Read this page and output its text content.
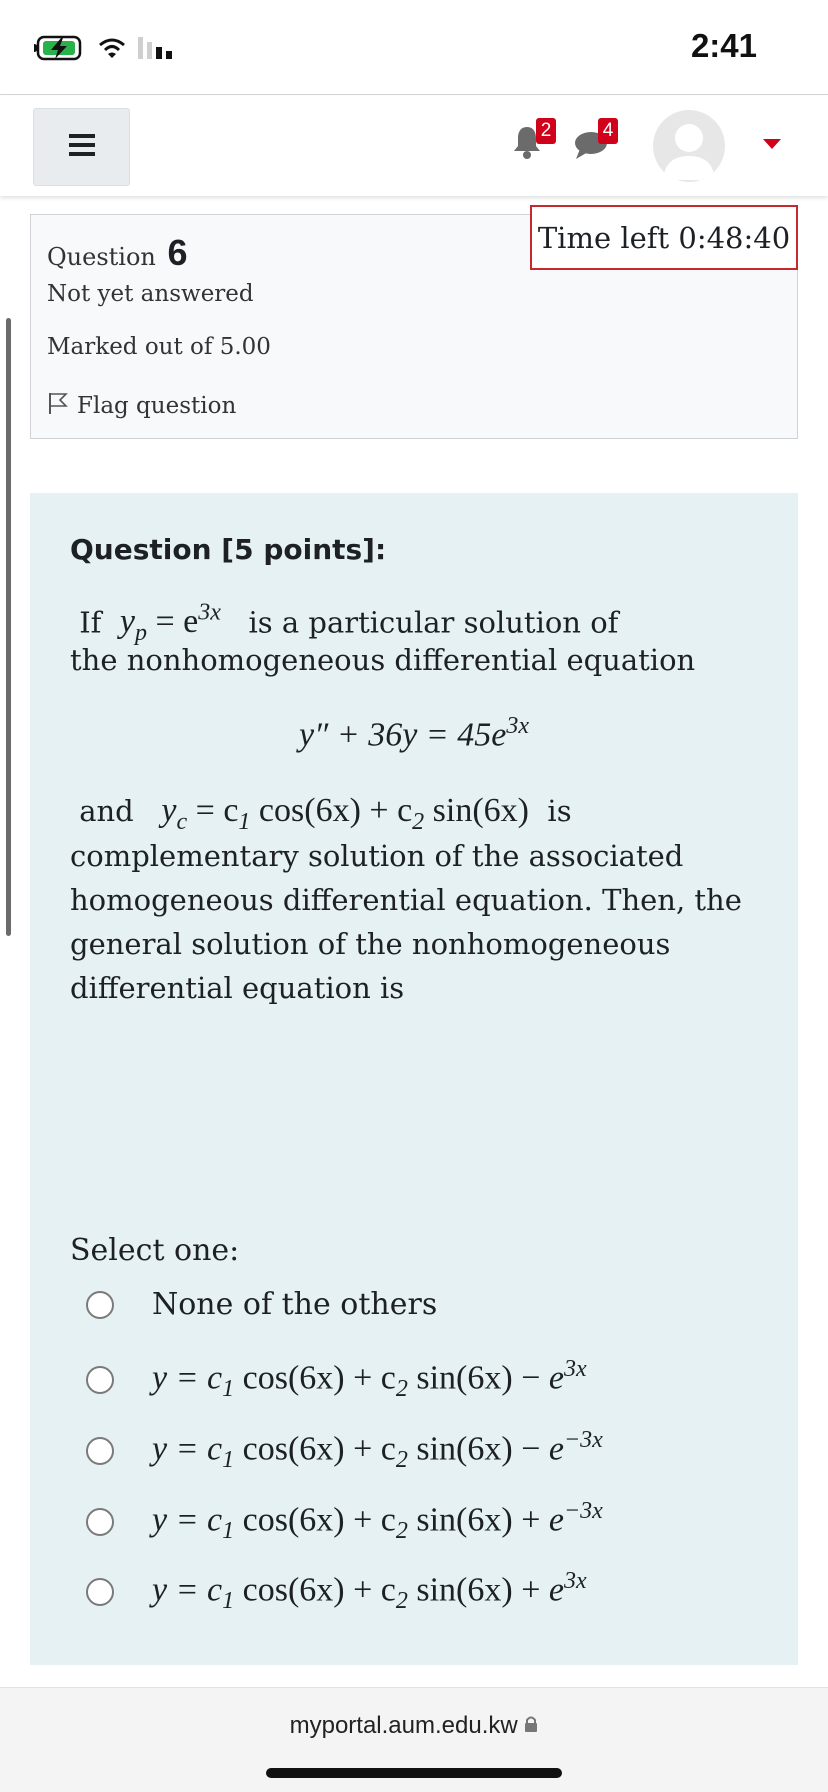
2:41
2	4
Question 6
Not yet answered
Marked out of 5.00
Flag question
Time left 0:48:40
Question [5 points]:
If $y_p = e^{3x}$ is a particular solution of
the nonhomogeneous differential equation
$y'' + 36y = 45e^{3x}$
and $y_c = c_1$ $\cos(6x) + c_2$ sin(6x) is
complementary solution of the associated
homogeneous differential equation. Then, the
general solution of the nonhomogeneous
differential equation is
Select one:
None of the others
$y = c_1$ $\cos(6x) + c_2$ $\sin(6x) - e^{3x}$
$y = c_1$ $\cos(6x) + c_2$ $\sin(6x) - e^{-3x}$
$y = c_1$ $\cos(6x) + c_2$ $\sin(6x) + e^{-3x}$
$y = c_1$ $\cos(6x) + c_2$ $\sin(6x) + e^{3x}$
myportal.aum.edu.kw
